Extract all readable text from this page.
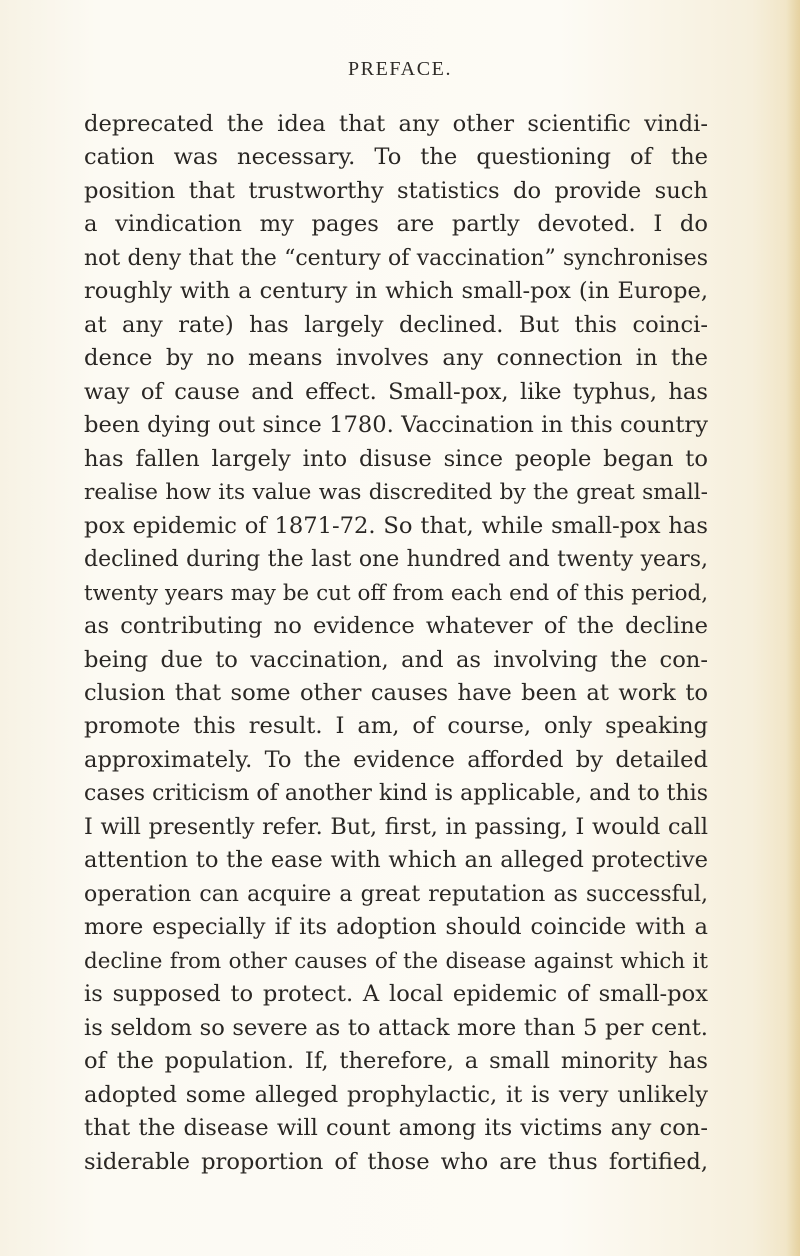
PREFACE.
deprecated the idea that any other scientific vindi-
cation was necessary. To the questioning of the
position that trustworthy statistics do provide such
a vindication my pages are partly devoted. I do
not deny that the “century of vaccination” synchronises
roughly with a century in which small-pox (in Europe,
at any rate) has largely declined. But this coinci-
dence by no means involves any connection in the
way of cause and effect. Small-pox, like typhus, has
been dying out since 1780. Vaccination in this country
has fallen largely into disuse since people began to
realise how its value was discredited by the great small-
pox epidemic of 1871-72. So that, while small-pox has
declined during the last one hundred and twenty years,
twenty years may be cut off from each end of this period,
as contributing no evidence whatever of the decline
being due to vaccination, and as involving the con-
clusion that some other causes have been at work to
promote this result. I am, of course, only speaking
approximately. To the evidence afforded by detailed
cases criticism of another kind is applicable, and to this
I will presently refer. But, first, in passing, I would call
attention to the ease with which an alleged protective
operation can acquire a great reputation as successful,
more especially if its adoption should coincide with a
decline from other causes of the disease against which it
is supposed to protect. A local epidemic of small-pox
is seldom so severe as to attack more than 5 per cent.
of the population. If, therefore, a small minority has
adopted some alleged prophylactic, it is very unlikely
that the disease will count among its victims any con-
siderable proportion of those who are thus fortified,
